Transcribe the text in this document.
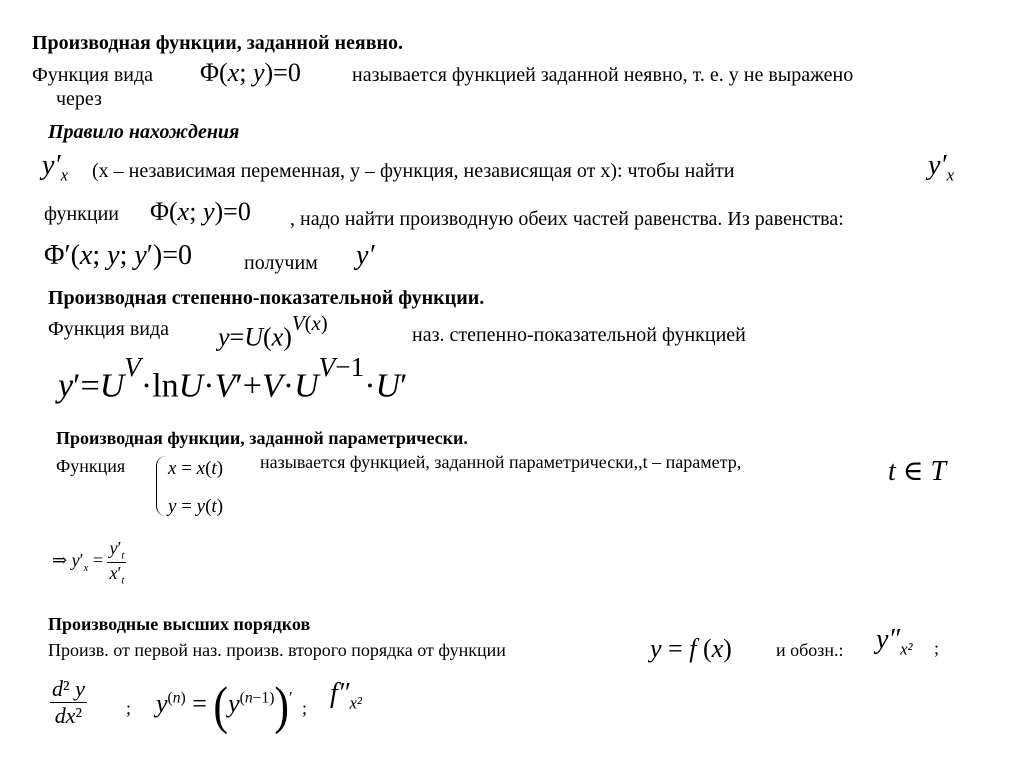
Производная функции, заданной неявно.
Функция вида Φ(x; y)=0	называется функцией заданной неявно, т. е. у не выражено
через
Правило нахождения
$y'_x$ (x – независимая переменная, y – функция, независящая от x): чтобы найти	$y'_x$
функции Φ(x; y)=0 , надо найти производную обеих частей равенства. Из равенства:
Φ′(x; y; y′)=0	получим y′
Производная степенно-показательной функции.
Функция вида $y=U(x)^{V(x)}$	наз. степенно-показательной функцией
$y'=U^V\cdot\ln U\cdot V'+V\cdot U^{V-1}\cdot U'$
Производная функции, заданной параметрически.
Функция x = x(t)
y = y(t)
называется функцией, заданной параметрически,,t – параметр,	t ∈ T
⇒ $y'_x = \frac{y'_t}{x'_t}$
Производные высших порядков
Произв. от первой наз. произв. второго порядка от функции	y = f (x) и обозн.: $y''_{x^2}$ ;
$\frac{\text{d² y}}{\text{dx²}}$ ; $y^{(n)} = (y^{(n-1)})'$
; $f''_{x^2}$
